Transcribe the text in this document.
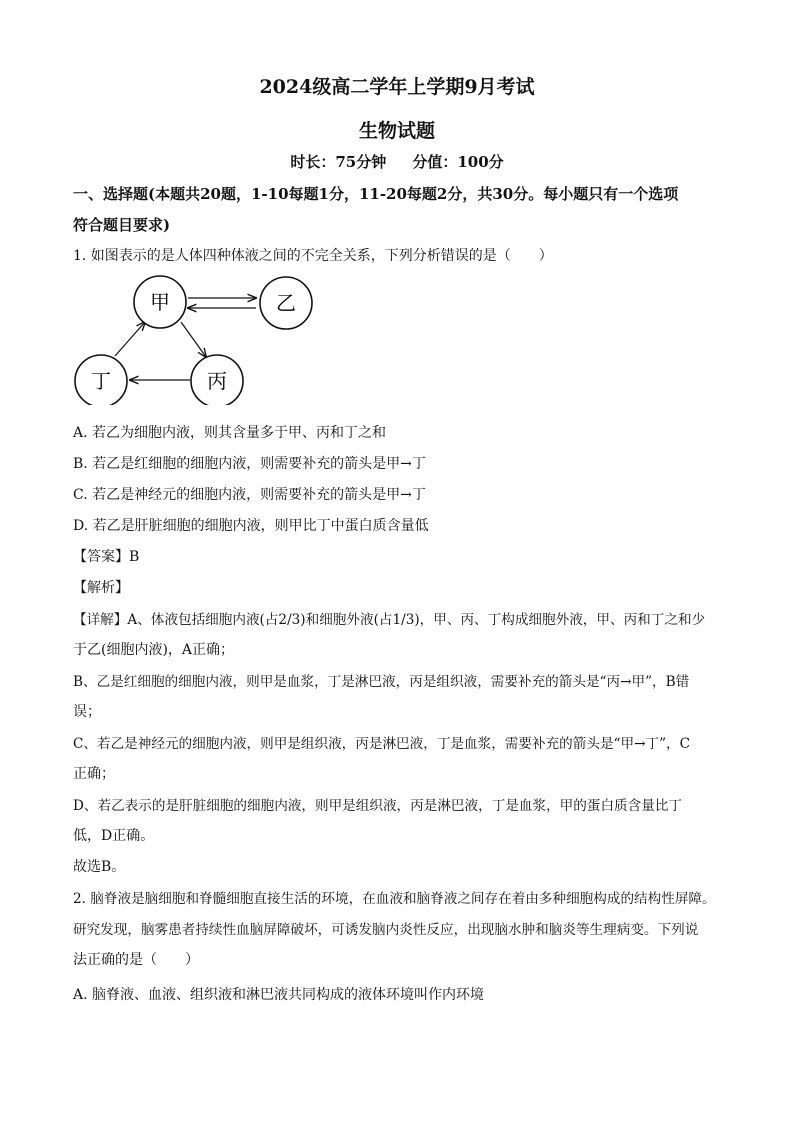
2024级高二学年上学期9月考试
生物试题
时长：75分钟     分值：100分
一、选择题(本题共20题，1-10每题1分，11-20每题2分，共30分。每小题只有一个选项
符合题目要求)
1. 如图表示的是人体四种体液之间的不完全关系，下列分析错误的是（　　）
甲	乙
丁	丙
A. 若乙为细胞内液，则其含量多于甲、丙和丁之和
B. 若乙是红细胞的细胞内液，则需要补充的箭头是甲→丁
C. 若乙是神经元的细胞内液，则需要补充的箭头是甲→丁
D. 若乙是肝脏细胞的细胞内液，则甲比丁中蛋白质含量低
【答案】B
【解析】
【详解】A、体液包括细胞内液(占2/3)和细胞外液(占1/3)，甲、丙、丁构成细胞外液，甲、丙和丁之和少
于乙(细胞内液)，A正确；
B、乙是红细胞的细胞内液，则甲是血浆，丁是淋巴液，丙是组织液，需要补充的箭头是“丙→甲”，B错
误；
C、若乙是神经元的细胞内液，则甲是组织液，丙是淋巴液，丁是血浆，需要补充的箭头是“甲→丁”，C
正确；
D、若乙表示的是肝脏细胞的细胞内液，则甲是组织液，丙是淋巴液，丁是血浆，甲的蛋白质含量比丁
低，D正确。
故选B。
2. 脑脊液是脑细胞和脊髓细胞直接生活的环境，在血液和脑脊液之间存在着由多种细胞构成的结构性屏障。
研究发现，脑雾患者持续性血脑屏障破坏，可诱发脑内炎性反应，出现脑水肿和脑炎等生理病变。下列说
法正确的是（　　）
A. 脑脊液、血液、组织液和淋巴液共同构成的液体环境叫作内环境
